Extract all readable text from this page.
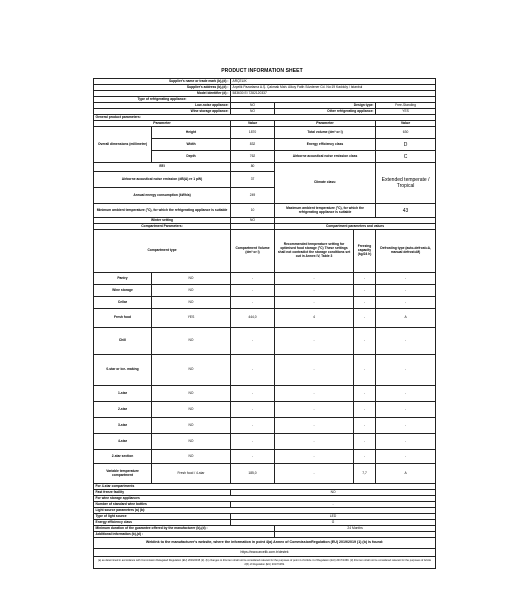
PRODUCT INFORMATION SHEET
Supplier's name or trade mark (b),(d) :		ARÇELIK			
Supplier's address (b),(d) :		Arçelik Pazarlama A.Ş. Çakmak Mah. Alkoy Fatih Sözdener Cd. No:19 Kadıköy / İstanbul			
Model identifier (d) :		583630 EI 7282120337			
Type of refrigerating appliance:					
Low-noise appliance:		NO	Design type:		Free-Standing
Wine storage appliance:		NO	Other refrigerating appliance:		YES
General product parameters:					
Parameter		Value	Parameter		Value
Overall dimensions (millimetre)	Height	1870	Total volume (dm³ or l)		630
	Width	832	Energy efficiency class		D
	Depth	762	Airborne acoustical noise emission class		C
EEI		80	Climate class:		Extended temperate / Tropical
Airborne acoustical noise emission (dB(A) re 1 pW)		37			
Annual energy consumption (kWh/a)		249			
Minimum ambient temperature (°C), for which the refrigerating appliance is suitable		10	Maximum ambient temperature (°C), for which the refrigerating appliance is suitable		43
Winter setting		NO			
Compartment Parameters:			Compartment parameters and values		
Compartment type		Compartment Volume (dm³ or l)	Recommended temperature setting for optimised food storage (°C) These settings shall not contradict the storage conditions set out in Annex IV, Table 3	Freezing capacity (kg/24 h)	Defrosting type (auto-defrost=A, manual defrost=M)
Pantry	NO	-	-	-	-
Wine storage	NO	-	-	-	-
Cellar	NO	-	-	-	-
Fresh food	YES	444,0	4	-	A
Chill	NO	-	-	-	-
0-star or ice- making	NO	-	-	-	-
1-star	NO	-	-	-	-
2-star	NO	-	-	-	-
3-star	NO	-	-	-	-
4-star	NO	-	-	-	-
2-star section	NO	-	-	-	-
Variable temperature compartment	Fresh food / 4-star	185,0	-	7,7	A
For 4-star compartments					
Fast freeze facility		NO			
For wine storage appliances					
Number of standard wine bottles		-			
Light source parameters (a) (b):					
Type of light source		LED			
Energy efficiency class		G			
Minimum duration of the guarantee offered by the manufacturer (b),(d) :			24 Months		
Additional information (b),(d) :					
Weblink to the manufacturer's website, where the information in point 4(a) Annex of CommissionRegulation (EU) 2019/2019 (1) (b) is found:					
https://www.arcelik.com.tr/destek					
(a) as determined in accordance with Commission Delegated Regulation (EU) 2019/2015 (2). (b) changes to this item shall not be considered relevant for the purposes of point 4 of Article 4 of Regulation (EU) 2017/1369. (d) this item shall not be considered relevant for the purposes of Article 2(6) of Regulation (EU) 2017/1369.					
